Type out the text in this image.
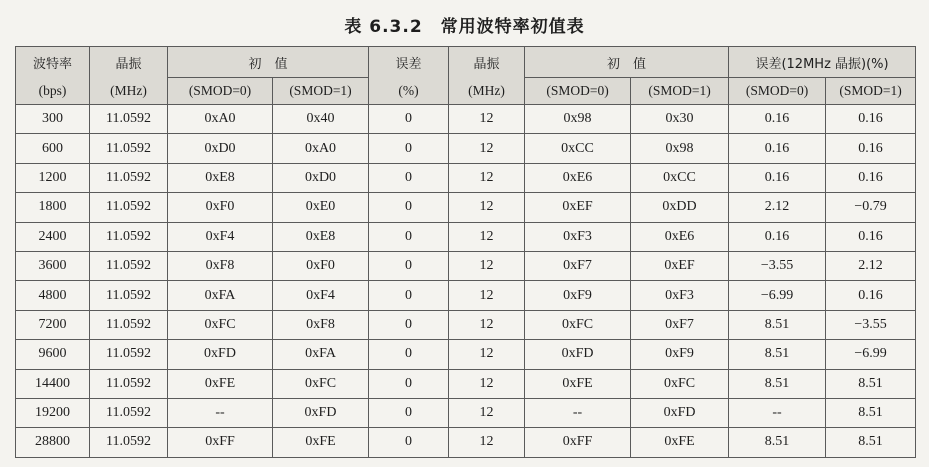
表 6.3.2　常用波特率初值表
波特率	晶振	初　值		误差	晶振	初　值		误差(12MHz 晶振)(%)	
(bps)	(MHz)	(SMOD=0)	(SMOD=1)	(%)	(MHz)	(SMOD=0)	(SMOD=1)	(SMOD=0)	(SMOD=1)
300	11.0592	0xA0	0x40	0	12	0x98	0x30	0.16	0.16
600	11.0592	0xD0	0xA0	0	12	0xCC	0x98	0.16	0.16
1200	11.0592	0xE8	0xD0	0	12	0xE6	0xCC	0.16	0.16
1800	11.0592	0xF0	0xE0	0	12	0xEF	0xDD	2.12	−0.79
2400	11.0592	0xF4	0xE8	0	12	0xF3	0xE6	0.16	0.16
3600	11.0592	0xF8	0xF0	0	12	0xF7	0xEF	−3.55	2.12
4800	11.0592	0xFA	0xF4	0	12	0xF9	0xF3	−6.99	0.16
7200	11.0592	0xFC	0xF8	0	12	0xFC	0xF7	8.51	−3.55
9600	11.0592	0xFD	0xFA	0	12	0xFD	0xF9	8.51	−6.99
14400	11.0592	0xFE	0xFC	0	12	0xFE	0xFC	8.51	8.51
19200	11.0592	--	0xFD	0	12	--	0xFD	--	8.51
28800	11.0592	0xFF	0xFE	0	12	0xFF	0xFE	8.51	8.51
